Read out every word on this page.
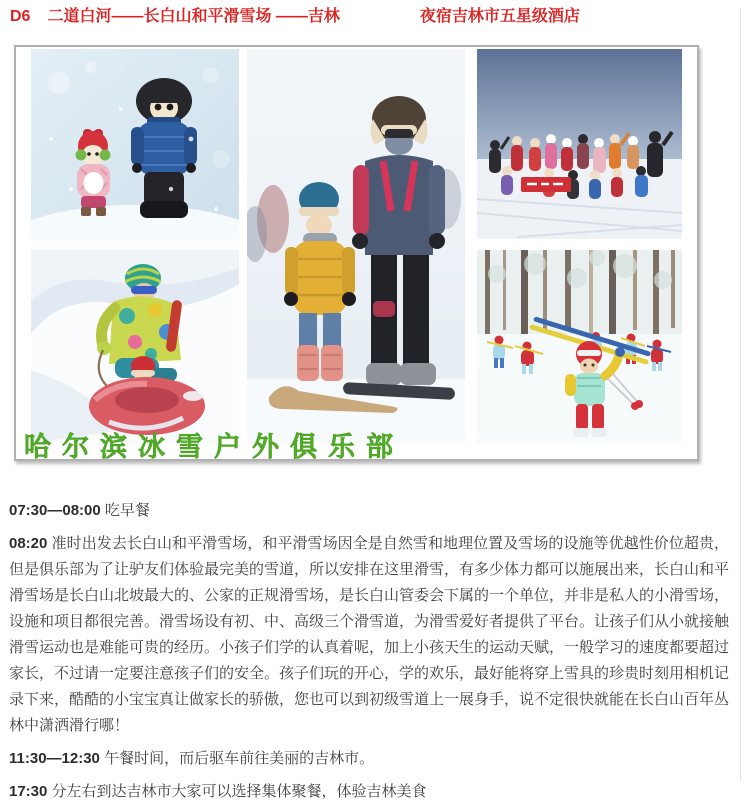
D6 二道白河——长白山和平滑雪场 ——吉林	夜宿吉林市五星级酒店
哈尔滨冰雪户外俱乐部

07:30—08:00 吃早餐

08:20 准时出发去长白山和平滑雪场，和平滑雪场因全是自然雪和地理位置及雪场的设施等优越性价位超贵，但是俱乐部为了让驴友们体验最完美的雪道，所以安排在这里滑雪，有多少体力都可以施展出来，长白山和平滑雪场是长白山北坡最大的、公家的正规滑雪场，是长白山管委会下属的一个单位，并非是私人的小滑雪场，设施和项目都很完善。滑雪场设有初、中、高级三个滑雪道，为滑雪爱好者提供了平台。让孩子们从小就接触滑雪运动也是难能可贵的经历。小孩子们学的认真着呢，加上小孩天生的运动天赋，一般学习的速度都要超过家长，不过请一定要注意孩子们的安全。孩子们玩的开心，学的欢乐，最好能将穿上雪具的珍贵时刻用相机记录下来，酷酷的小宝宝真让做家长的骄傲，您也可以到初级雪道上一展身手，说不定很快就能在长白山百年丛林中潇洒滑行哪！

11:30—12:30 午餐时间，而后驱车前往美丽的吉林市。

17:30 分左右到达吉林市大家可以选择集体聚餐，体验吉林美食
